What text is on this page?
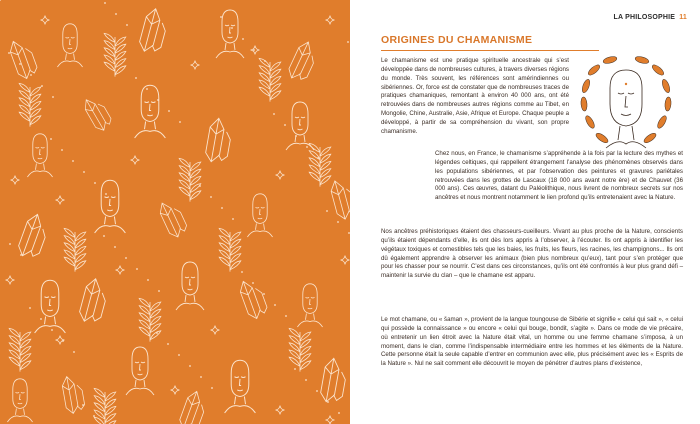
LA PHILOSOPHIE 11
ORIGINES DU CHAMANISME

Le chamanisme est une pratique spirituelle ancestrale qui s’est développée dans de nombreuses cultures, à travers diverses régions du monde. Très souvent, les références sont amérindiennes ou sibériennes. Or, force est de constater que de nombreuses traces de pratiques chamaniques, remontant à environ 40 000 ans, ont été retrouvées dans de nombreuses autres régions comme au Tibet, en Mongolie, Chine, Australie, Asie, Afrique et Europe. Chaque peuple a développé, à partir de sa compréhension du vivant, son propre chamanisme.

Chez nous, en France, le chamanisme s’appréhende à la fois par la lecture des mythes et légendes celtiques, qui rappellent étrangement l’analyse des phénomènes observés dans les populations sibériennes, et par l’observation des peintures et gravures pariétales retrouvées dans les grottes de Lascaux (18 000 ans avant notre ère) et de Chauvet (36 000 ans). Ces œuvres, datant du Paléolithique, nous livrent de nombreux secrets sur nos ancêtres et nous montrent notamment le lien profond qu’ils entretenaient avec la Nature.

Nos ancêtres préhistoriques étaient des chasseurs-cueilleurs. Vivant au plus proche de la Nature, conscients qu’ils étaient dépendants d’elle, ils ont dès lors appris à l’observer, à l’écouter. Ils ont appris à identifier les végétaux toxiques et comestibles tels que les baies, les fruits, les fleurs, les racines, les champignons... Ils ont dû également apprendre à observer les animaux (bien plus nombreux qu’eux), tant pour s’en protéger que pour les chasser pour se nourrir. C’est dans ces circonstances, qu’ils ont été confrontés à leur plus grand défi – maintenir la survie du clan – que le chamane est apparu.

Le mot chamane, ou « šaman », provient de la langue toungouse de Sibérie et signifie « celui qui sait », « celui qui possède la connaissance » ou encore « celui qui bouge, bondit, s’agite ». Dans ce mode de vie précaire, où entretenir un lien étroit avec la Nature était vital, un homme ou une femme chamane s’imposa, à un moment, dans le clan, comme l’indispensable intermédiaire entre les hommes et les éléments de la Nature. Cette personne était la seule capable d’entrer en communion avec elle, plus précisément avec les « Esprits de la Nature ». Nul ne sait comment elle découvrit le moyen de pénétrer d’autres plans d’existence,
